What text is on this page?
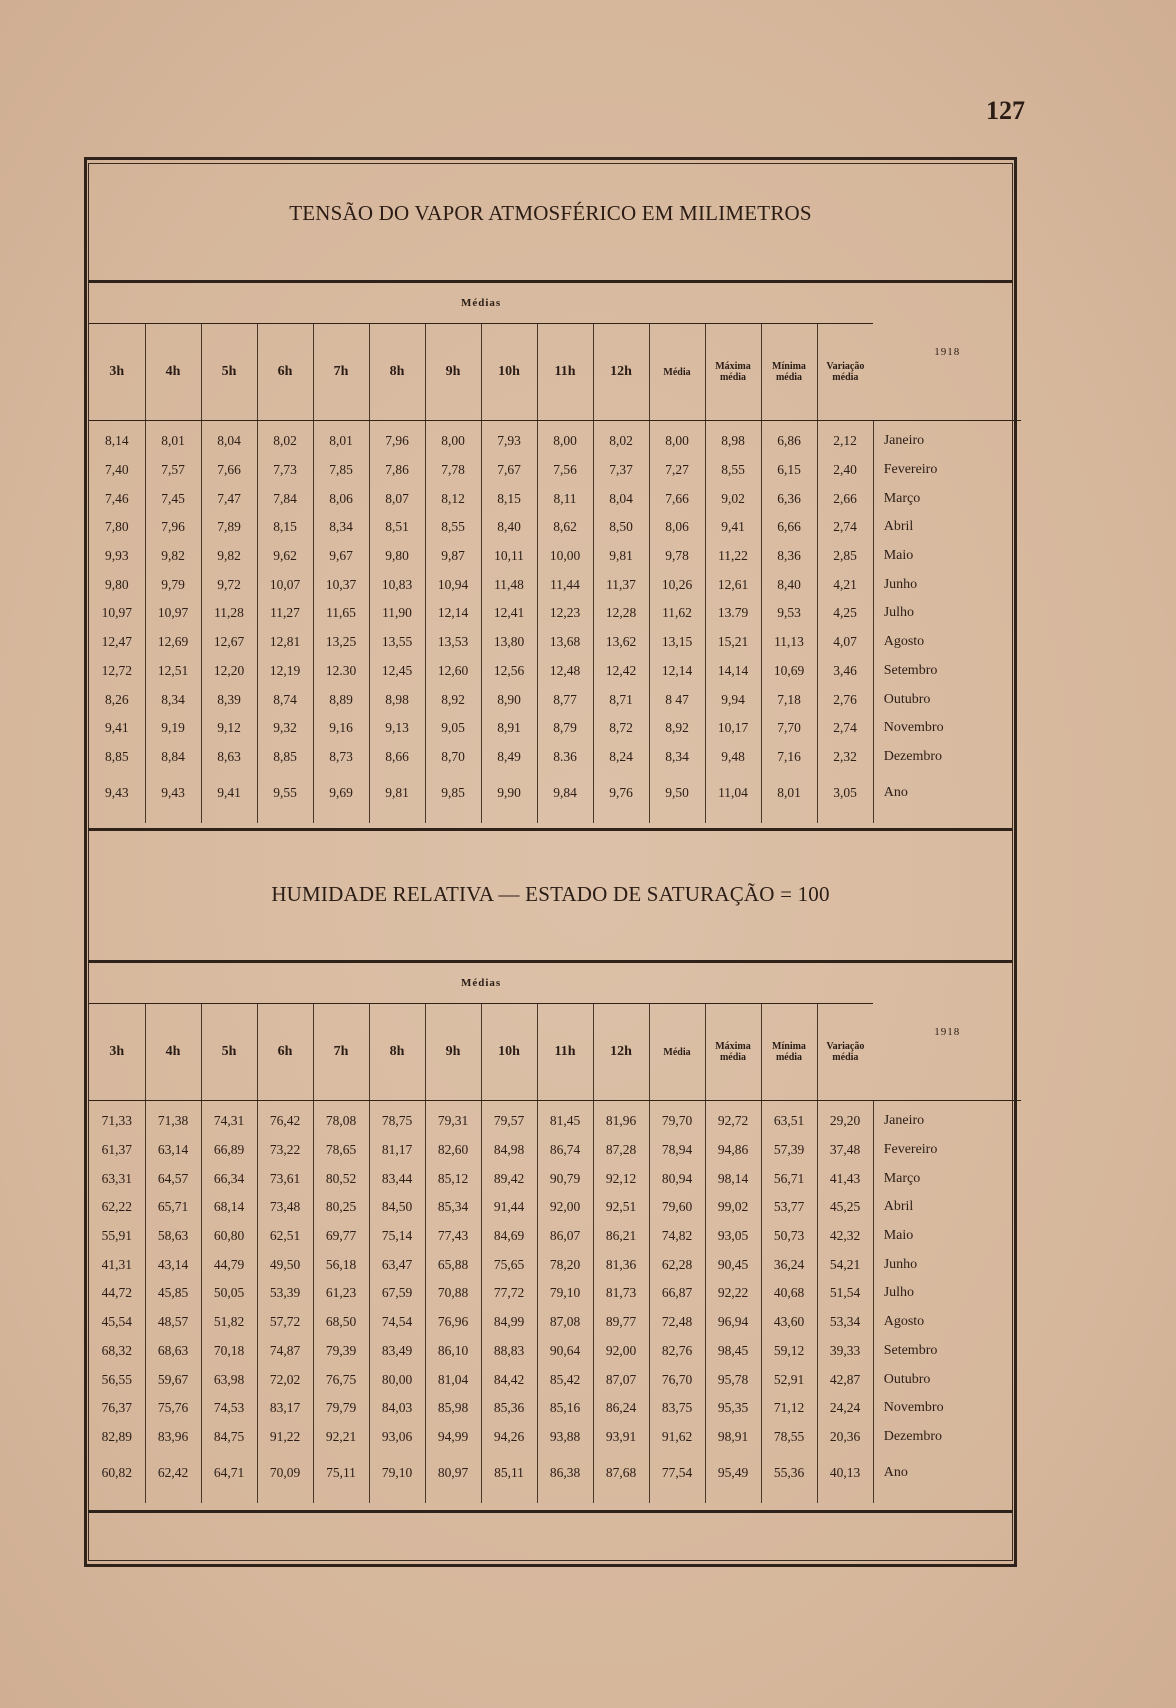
127
TENSÃO DO VAPOR ATMOSFÉRICO EM MILIMETROS
Médias														1918
3h	4h	5h	6h	7h	8h	9h	10h	11h	12h	Média	Máxima média	Mínima média	Variação média	
8,14	8,01	8,04	8,02	8,01	7,96	8,00	7,93	8,00	8,02	8,00	8,98	6,86	2,12	Janeiro
7,40	7,57	7,66	7,73	7,85	7,86	7,78	7,67	7,56	7,37	7,27	8,55	6,15	2,40	Fevereiro
7,46	7,45	7,47	7,84	8,06	8,07	8,12	8,15	8,11	8,04	7,66	9,02	6,36	2,66	Março
7,80	7,96	7,89	8,15	8,34	8,51	8,55	8,40	8,62	8,50	8,06	9,41	6,66	2,74	Abril
9,93	9,82	9,82	9,62	9,67	9,80	9,87	10,11	10,00	9,81	9,78	11,22	8,36	2,85	Maio
9,80	9,79	9,72	10,07	10,37	10,83	10,94	11,48	11,44	11,37	10,26	12,61	8,40	4,21	Junho
10,97	10,97	11,28	11,27	11,65	11,90	12,14	12,41	12,23	12,28	11,62	13.79	9,53	4,25	Julho
12,47	12,69	12,67	12,81	13,25	13,55	13,53	13,80	13,68	13,62	13,15	15,21	11,13	4,07	Agosto
12,72	12,51	12,20	12,19	12.30	12,45	12,60	12,56	12,48	12,42	12,14	14,14	10,69	3,46	Setembro
8,26	8,34	8,39	8,74	8,89	8,98	8,92	8,90	8,77	8,71	8 47	9,94	7,18	2,76	Outubro
9,41	9,19	9,12	9,32	9,16	9,13	9,05	8,91	8,79	8,72	8,92	10,17	7,70	2,74	Novembro
8,85	8,84	8,63	8,85	8,73	8,66	8,70	8,49	8.36	8,24	8,34	9,48	7,16	2,32	Dezembro
9,43	9,43	9,41	9,55	9,69	9,81	9,85	9,90	9,84	9,76	9,50	11,04	8,01	3,05	Ano

HUMIDADE RELATIVA — ESTADO DE SATURAÇÃO = 100
Médias														1918
3h	4h	5h	6h	7h	8h	9h	10h	11h	12h	Média	Máxima média	Mínima média	Variação média	
71,33	71,38	74,31	76,42	78,08	78,75	79,31	79,57	81,45	81,96	79,70	92,72	63,51	29,20	Janeiro
61,37	63,14	66,89	73,22	78,65	81,17	82,60	84,98	86,74	87,28	78,94	94,86	57,39	37,48	Fevereiro
63,31	64,57	66,34	73,61	80,52	83,44	85,12	89,42	90,79	92,12	80,94	98,14	56,71	41,43	Março
62,22	65,71	68,14	73,48	80,25	84,50	85,34	91,44	92,00	92,51	79,60	99,02	53,77	45,25	Abril
55,91	58,63	60,80	62,51	69,77	75,14	77,43	84,69	86,07	86,21	74,82	93,05	50,73	42,32	Maio
41,31	43,14	44,79	49,50	56,18	63,47	65,88	75,65	78,20	81,36	62,28	90,45	36,24	54,21	Junho
44,72	45,85	50,05	53,39	61,23	67,59	70,88	77,72	79,10	81,73	66,87	92,22	40,68	51,54	Julho
45,54	48,57	51,82	57,72	68,50	74,54	76,96	84,99	87,08	89,77	72,48	96,94	43,60	53,34	Agosto
68,32	68,63	70,18	74,87	79,39	83,49	86,10	88,83	90,64	92,00	82,76	98,45	59,12	39,33	Setembro
56,55	59,67	63,98	72,02	76,75	80,00	81,04	84,42	85,42	87,07	76,70	95,78	52,91	42,87	Outubro
76,37	75,76	74,53	83,17	79,79	84,03	85,98	85,36	85,16	86,24	83,75	95,35	71,12	24,24	Novembro
82,89	83,96	84,75	91,22	92,21	93,06	94,99	94,26	93,88	93,91	91,62	98,91	78,55	20,36	Dezembro
60,82	62,42	64,71	70,09	75,11	79,10	80,97	85,11	86,38	87,68	77,54	95,49	55,36	40,13	Ano
